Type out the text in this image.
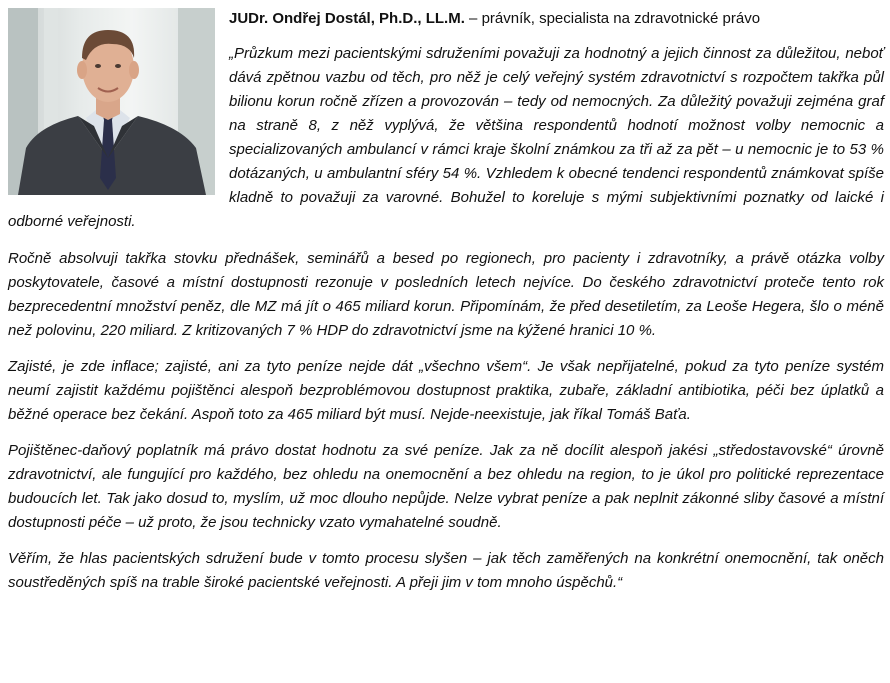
JUDr. Ondřej Dostál, Ph.D., LL.M. – právník, specialista na zdravotnické právo

„Průzkum mezi pacientskými sdruženími považuji za hodnotný a jejich činnost za důležitou, neboť dává zpětnou vazbu od těch, pro něž je celý veřejný systém zdravotnictví s rozpočtem takřka půl bilionu korun ročně zřízen a provozován – tedy od nemocných. Za důležitý považuji zejména graf na straně 8, z něž vyplývá, že většina respondentů hodnotí možnost volby nemocnic a specializovaných ambulancí v rámci kraje školní známkou za tři až za pět – u nemocnic je to 53 % dotázaných, u ambulantní sféry 54 %. Vzhledem k obecné tendenci respondentů známkovat spíše kladně to považuji za varovné. Bohužel to koreluje s mými subjektivními poznatky od laické i odborné veřejnosti.

Ročně absolvuji takřka stovku přednášek, seminářů a besed po regionech, pro pacienty i zdravotníky, a právě otázka volby poskytovatele, časové a místní dostupnosti rezonuje v posledních letech nejvíce. Do českého zdravotnictví proteče tento rok bezprecedentní množství peněz, dle MZ má jít o 465 miliard korun. Připomínám, že před desetiletím, za Leoše Hegera, šlo o méně než polovinu, 220 miliard. Z kritizovaných 7 % HDP do zdravotnictví jsme na kýžené hranici 10 %.

Zajisté, je zde inflace; zajisté, ani za tyto peníze nejde dát „všechno všem“. Je však nepřijatelné, pokud za tyto peníze systém neumí zajistit každému pojištěnci alespoň bezproblémovou dostupnost praktika, zubaře, základní antibiotika, péči bez úplatků a běžné operace bez čekání. Aspoň toto za 465 miliard být musí. Nejde-neexistuje, jak říkal Tomáš Baťa.

Pojištěnec-daňový poplatník má právo dostat hodnotu za své peníze. Jak za ně docílit alespoň jakési „středostavovské“ úrovně zdravotnictví, ale fungující pro každého, bez ohledu na onemocnění a bez ohledu na region, to je úkol pro politické reprezentace budoucích let. Tak jako dosud to, myslím, už moc dlouho nepůjde. Nelze vybrat peníze a pak neplnit zákonné sliby časové a místní dostupnosti péče – už proto, že jsou technicky vzato vymahatelné soudně.

Věřím, že hlas pacientských sdružení bude v tomto procesu slyšen – jak těch zaměřených na konkrétní onemocnění, tak oněch soustředěných spíš na trable široké pacientské veřejnosti. A přeji jim v tom mnoho úspěchů.“
